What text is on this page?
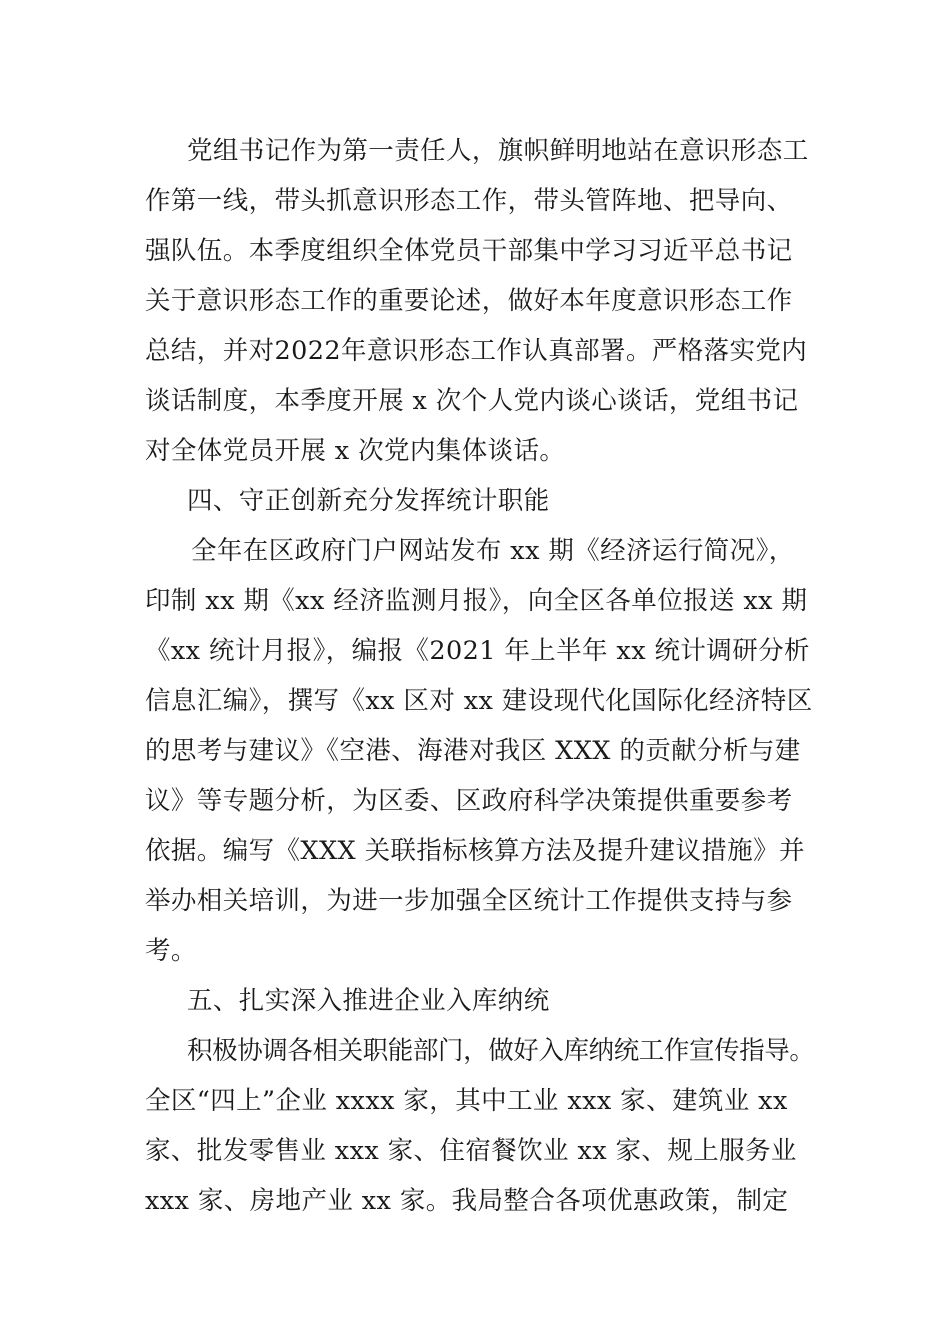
党组书记作为第一责任人，旗帜鲜明地站在意识形态工
作第一线，带头抓意识形态工作，带头管阵地、把导向、
强队伍。本季度组织全体党员干部集中学习习近平总书记
关于意识形态工作的重要论述，做好本年度意识形态工作
总结，并对2022年意识形态工作认真部署。严格落实党内
谈话制度，本季度开展 x 次个人党内谈心谈话，党组书记
对全体党员开展 x 次党内集体谈话。
四、守正创新充分发挥统计职能
全年在区政府门户网站发布 xx 期《经济运行简况》，
印制 xx 期《xx 经济监测月报》，向全区各单位报送 xx 期
《xx 统计月报》，编报《2021 年上半年 xx 统计调研分析
信息汇编》，撰写《xx 区对 xx 建设现代化国际化经济特区
的思考与建议》《空港、海港对我区 XXX 的贡献分析与建
议》等专题分析，为区委、区政府科学决策提供重要参考
依据。编写《XXX 关联指标核算方法及提升建议措施》并
举办相关培训，为进一步加强全区统计工作提供支持与参
考。
五、扎实深入推进企业入库纳统
积极协调各相关职能部门，做好入库纳统工作宣传指导。
全区“四上”企业 xxxx 家，其中工业 xxx 家、建筑业 xx
家、批发零售业 xxx 家、住宿餐饮业 xx 家、规上服务业
xxx 家、房地产业 xx 家。我局整合各项优惠政策，制定
